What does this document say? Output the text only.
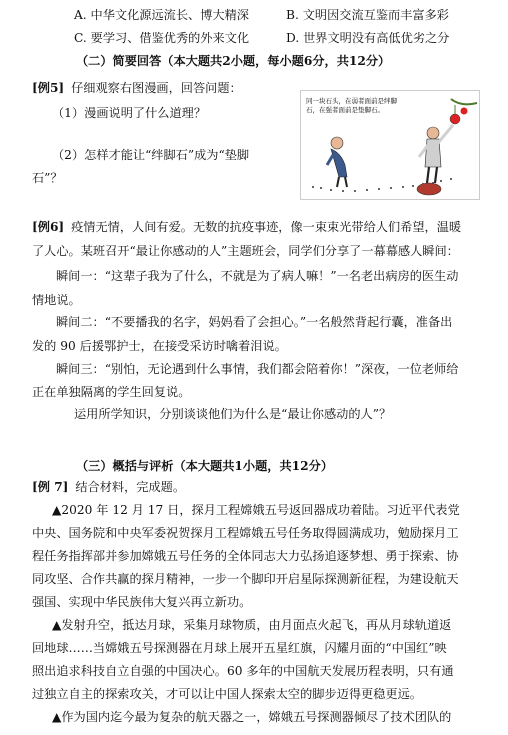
A. 中华文化源远流长、博大精深	B. 文明因交流互鉴而丰富多彩
C. 要学习、借鉴优秀的外来文化	D. 世界文明没有高低优劣之分
（二）简要回答（本大题共2小题，每小题6分，共12分）
[例5] 仔细观察右图漫画，回答问题：
（1）漫画说明了什么道理？
（2）怎样才能让“绊脚石”成为“垫脚
石”？
同一块石头，在弱者面前是绊脚石，在强者面前是垫脚石。
[例6] 疫情无情，人间有爱。无数的抗疫事迹，像一束束光带给人们希望，温暖
了人心。某班召开“最让你感动的人”主题班会，同学们分享了一幕幕感人瞬间：
瞬间一：“这辈子我为了什么，不就是为了病人嘛！”一名老出病房的医生动
情地说。
瞬间二：“不要播我的名字，妈妈看了会担心。”一名般然背起行囊，准备出
发的 90 后援鄂护士，在接受采访时噙着泪说。
瞬间三：“别怕，无论遇到什么事情，我们都会陪着你！”深夜，一位老师给
正在单独隔离的学生回复说。
运用所学知识，分别谈谈他们为什么是“最让你感动的人”？
（三）概括与评析（本大题共1小题，共12分）
[例 7] 结合材料，完成题。
▲2020 年 12 月 17 日，探月工程嫦娥五号返回器成功着陆。习近平代表党
中央、国务院和中央军委祝贺探月工程嫦娥五号任务取得圆满成功，勉励探月工
程任务指挥部并参加嫦娥五号任务的全体同志大力弘扬追逐梦想、勇于探索、协
同攻坚、合作共赢的探月精神，一步一个脚印开启星际探测新征程，为建设航天
强国、实现中华民族伟大复兴再立新功。
▲发射升空，抵达月球，采集月球物质，由月面点火起飞，再从月球轨道返
回地球……当嫦娥五号探测器在月球上展开五星红旗，闪耀月面的“中国红”映
照出追求科技自立自强的中国决心。60 多年的中国航天发展历程表明，只有通
过独立自主的探索攻关，才可以让中国人探索太空的脚步迈得更稳更远。
▲作为国内迄今最为复杂的航天器之一，嫦娥五号探测器倾尽了技术团队的
